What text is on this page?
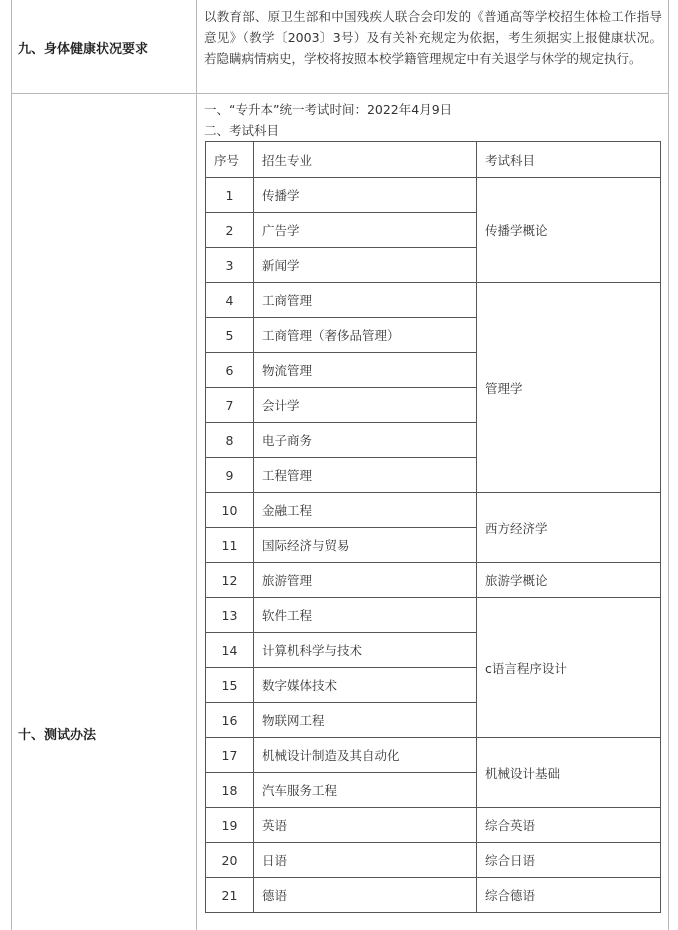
九、身体健康状况要求
以教育部、原卫生部和中国残疾人联合会印发的《普通高等学校招生体检工作指导意见》（教学〔2003〕3号）及有关补充规定为依据，考生须据实上报健康状况。若隐瞒病情病史，学校将按照本校学籍管理规定中有关退学与休学的规定执行。
十、测试办法
一、“专升本”统一考试时间：2022年4月9日
二、考试科目
序号	招生专业	考试科目
1	传播学	传播学概论
2	广告学	
3	新闻学	
4	工商管理	管理学
5	工商管理（奢侈品管理）	
6	物流管理	
7	会计学	
8	电子商务	
9	工程管理	
10	金融工程	西方经济学
11	国际经济与贸易	
12	旅游管理	旅游学概论
13	软件工程	c语言程序设计
14	计算机科学与技术	
15	数字媒体技术	
16	物联网工程	
17	机械设计制造及其自动化	机械设计基础
18	汽车服务工程	
19	英语	综合英语
20	日语	综合日语
21	德语	综合德语
